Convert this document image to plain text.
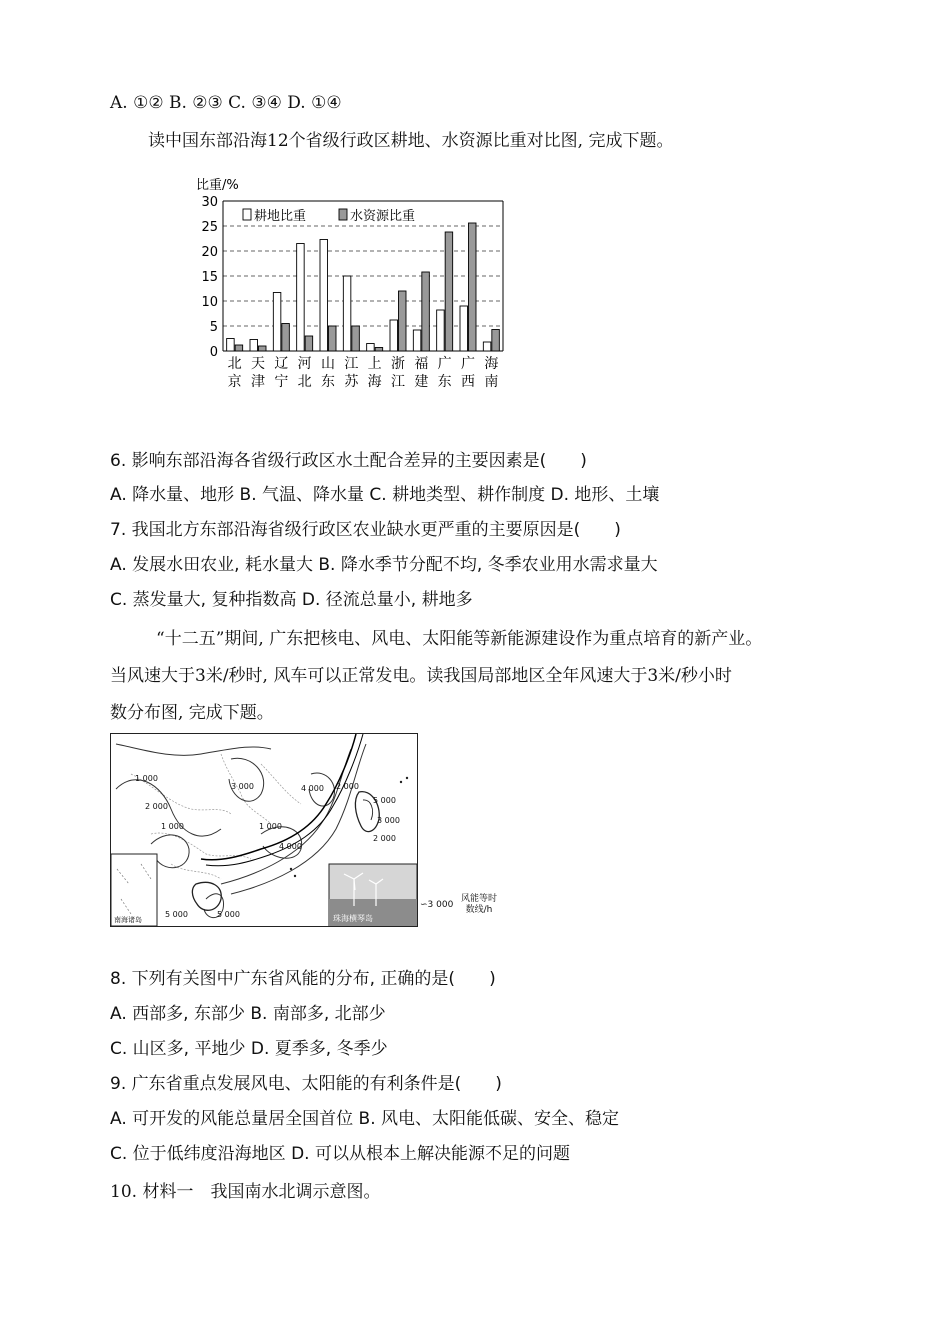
A. ①② B. ②③ C. ③④ D. ①④
读中国东部沿海12个省级行政区耕地、水资源比重对比图, 完成下题。
比重/%
0
5
10
15
20
25
30
北
京
天
津
辽
宁
河
北
山
东
江
苏
上
海
浙
江
福
建
广
东
广
西
海
南
耕地比重	水资源比重
6. 影响东部沿海各省级行政区水土配合差异的主要因素是(　　)
A. 降水量、地形 B. 气温、降水量 C. 耕地类型、耕作制度 D. 地形、土壤
7. 我国北方东部沿海省级行政区农业缺水更严重的主要原因是(　　)
A. 发展水田农业, 耗水量大 B. 降水季节分配不均, 冬季农业用水需求量大
C. 蒸发量大, 复种指数高 D. 径流总量小, 耕地多
“十二五”期间, 广东把核电、风电、太阳能等新能源建设作为重点培育的新产业。
当风速大于3米/秒时, 风车可以正常发电。读我国局部地区全年风速大于3米/秒小时
数分布图, 完成下题。
1 000
2 000
3 000	4 000
1 000	1 000
2 000
4 000
5 000
3 000
2 000
5 000	5 000
南海诸岛	珠海横琴岛
∽3 000
风能等时
数线/h
8. 下列有关图中广东省风能的分布, 正确的是(　　)
A. 西部多, 东部少 B. 南部多, 北部少
C. 山区多, 平地少 D. 夏季多, 冬季少
9. 广东省重点发展风电、太阳能的有利条件是(　　)
A. 可开发的风能总量居全国首位 B. 风电、太阳能低碳、安全、稳定
C. 位于低纬度沿海地区 D. 可以从根本上解决能源不足的问题
10. 材料一　我国南水北调示意图。
